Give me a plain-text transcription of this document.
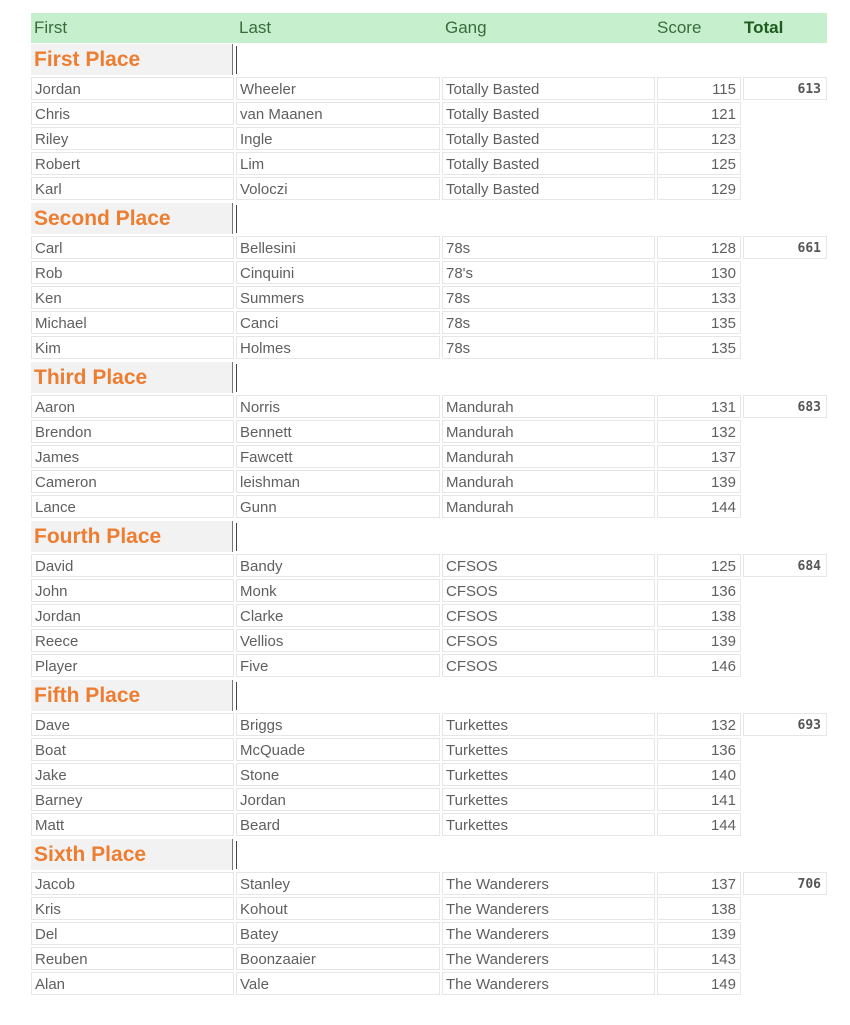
First	Last	Gang	Score	Total
First Place
Jordan	Wheeler	Totally Basted	115	613
Chris	van Maanen	Totally Basted	121
Riley	Ingle	Totally Basted	123
Robert	Lim	Totally Basted	125
Karl	Voloczi	Totally Basted	129
Second Place
Carl	Bellesini	78s	128	661
Rob	Cinquini	78's	130
Ken	Summers	78s	133
Michael	Canci	78s	135
Kim	Holmes	78s	135
Third Place
Aaron	Norris	Mandurah	131	683
Brendon	Bennett	Mandurah	132
James	Fawcett	Mandurah	137
Cameron	leishman	Mandurah	139
Lance	Gunn	Mandurah	144
Fourth Place
David	Bandy	CFSOS	125	684
John	Monk	CFSOS	136
Jordan	Clarke	CFSOS	138
Reece	Vellios	CFSOS	139
Player	Five	CFSOS	146
Fifth Place
Dave	Briggs	Turkettes	132	693
Boat	McQuade	Turkettes	136
Jake	Stone	Turkettes	140
Barney	Jordan	Turkettes	141
Matt	Beard	Turkettes	144
Sixth Place
Jacob	Stanley	The Wanderers	137	706
Kris	Kohout	The Wanderers	138
Del	Batey	The Wanderers	139
Reuben	Boonzaaier	The Wanderers	143
Alan	Vale	The Wanderers	149
